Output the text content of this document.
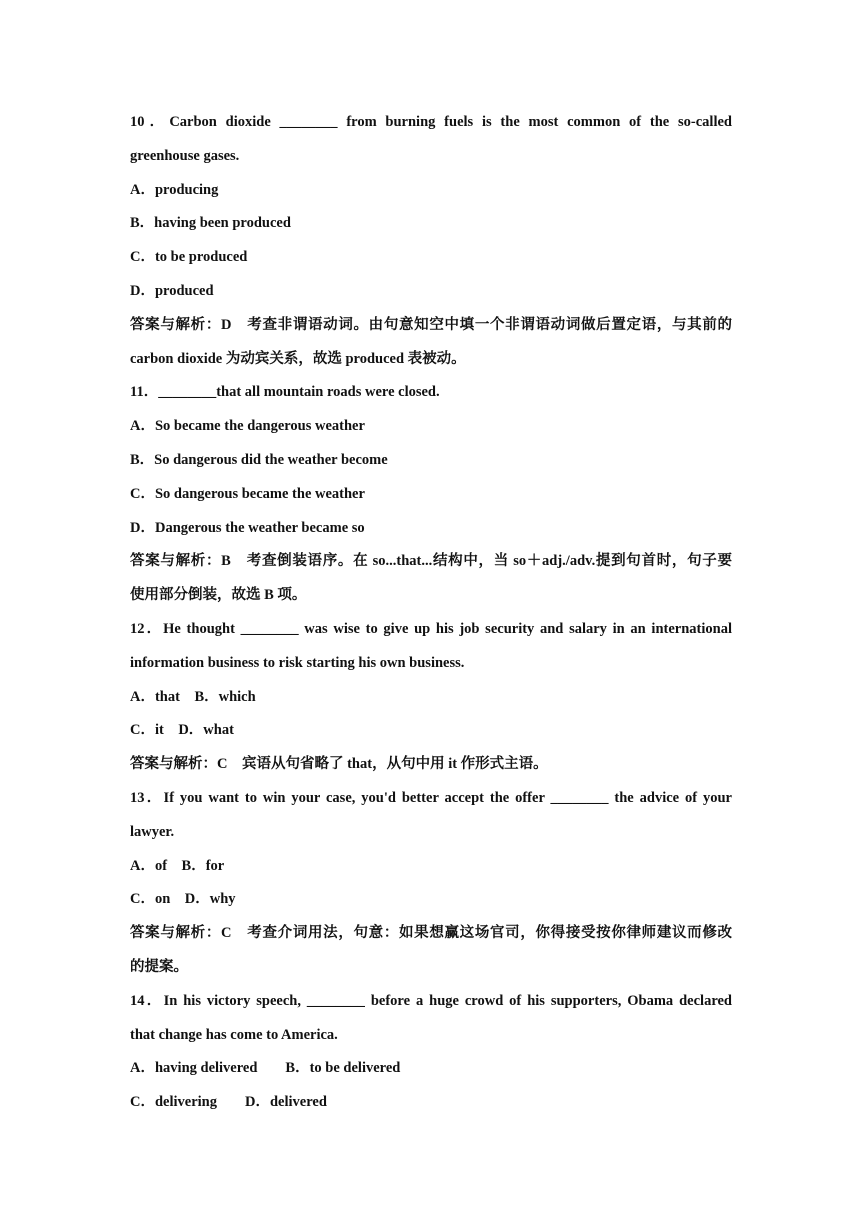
10．Carbon dioxide ________ from burning fuels is the most common of the so‐called
greenhouse gases.
A．producing
B．having been produced
C．to be produced
D．produced
答案与解析：D　考查非谓语动词。由句意知空中填一个非谓语动词做后置定语，与其前的
carbon dioxide 为动宾关系，故选 produced 表被动。
11．________that all mountain roads were closed.
A．So became the dangerous weather
B．So dangerous did the weather become
C．So dangerous became the weather
D．Dangerous the weather became so
答案与解析：B　考查倒装语序。在 so...that...结构中，当 so＋adj./adv.提到句首时，句子要
使用部分倒装，故选 B 项。
12．He thought ________ was wise to give up his job security and salary in an international
information business to risk starting his own business.
A．that　B．which
C．it　D．what
答案与解析：C　宾语从句省略了 that，从句中用 it 作形式主语。
13．If you want to win your case, you'd better accept the offer ________ the advice of your
lawyer.
A．of　B．for
C．on　D．why
答案与解析：C　考查介词用法，句意：如果想赢这场官司，你得接受按你律师建议而修改
的提案。
14．In his victory speech, ________ before a huge crowd of his supporters, Obama declared
that change has come to America.
A．having delivered B．to be delivered
C．delivering D．delivered
